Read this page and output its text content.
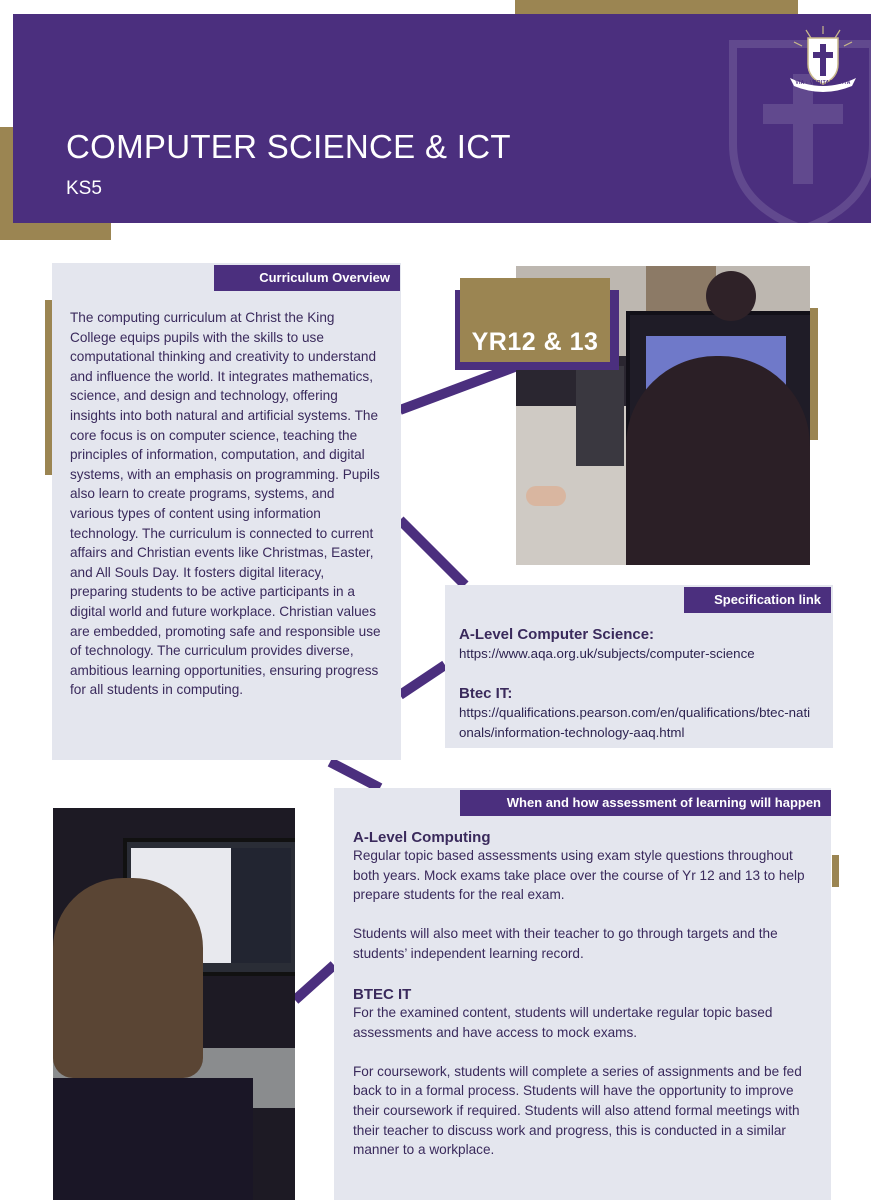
COMPUTER SCIENCE & ICT
KS5
VIA · VERITAS · VITA
Curriculum Overview
The computing curriculum at Christ the King College equips pupils with the skills to use computational thinking and creativity to understand and influence the world. It integrates mathematics, science, and design and technology, offering insights into both natural and artificial systems. The core focus is on computer science, teaching the principles of information, computation, and digital systems, with an emphasis on programming. Pupils also learn to create programs, systems, and various types of content using information technology. The curriculum is connected to current affairs and Christian events like Christmas, Easter, and All Souls Day. It fosters digital literacy, preparing students to be active participants in a digital world and future workplace. Christian values are embedded, promoting safe and responsible use of technology. The curriculum provides diverse, ambitious learning opportunities, ensuring progress for all students in computing.
YR12 & 13
Specification link
A-Level Computer Science:
https://www.aqa.org.uk/subjects/computer-science
Btec IT:
https://qualifications.pearson.com/en/qualifications/btec-nationals/information-technology-aaq.html
When and how assessment of learning will happen
A-Level Computing

Regular topic based assessments using exam style questions throughout both years. Mock exams take place over the course of Yr 12 and 13 to help prepare students for the real exam.

Students will also meet with their teacher to go through targets and the students’ independent learning record.

BTEC IT

For the examined content, students will undertake regular topic based assessments and have access to mock exams.

For coursework, students will complete a series of assignments and be fed back to in a formal process. Students will have the opportunity to improve their coursework if required. Students will also attend formal meetings with their teacher to discuss work and progress, this is conducted in a similar manner to a workplace.
